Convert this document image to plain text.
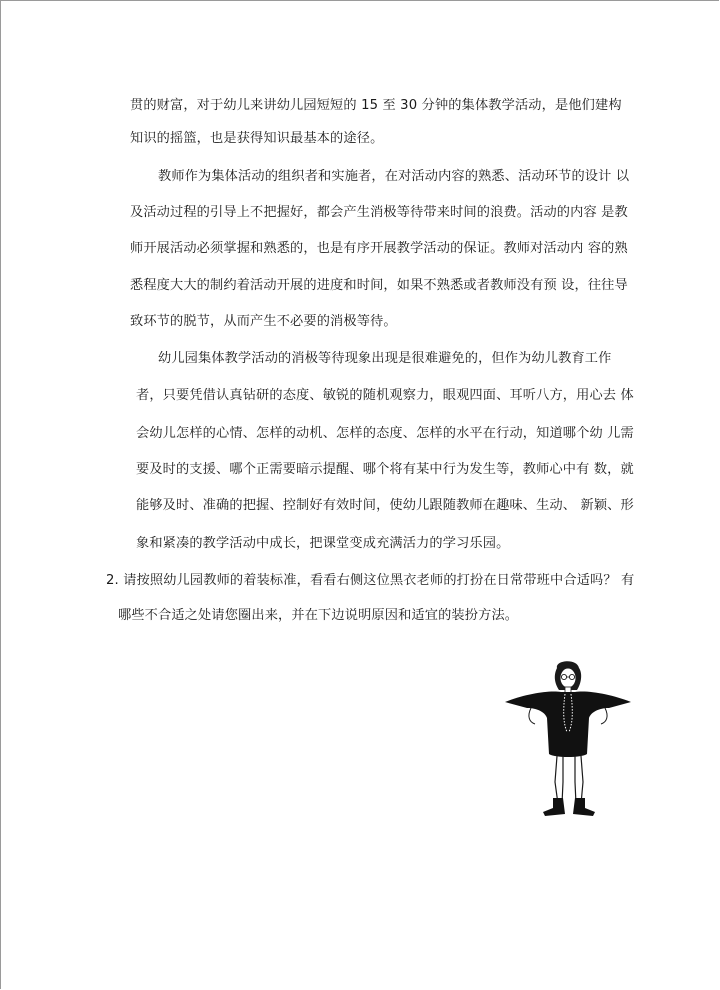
贯的财富，对于幼儿来讲幼儿园短短的 15 至 30 分钟的集体教学活动，是他们建构
知识的摇篮，也是获得知识最基本的途径。
教师作为集体活动的组织者和实施者，在对活动内容的熟悉、活动环节的设计 以
及活动过程的引导上不把握好，都会产生消极等待带来时间的浪费。活动的内容 是教
师开展活动必须掌握和熟悉的，也是有序开展教学活动的保证。教师对活动内 容的熟
悉程度大大的制约着活动开展的进度和时间，如果不熟悉或者教师没有预 设，往往导
致环节的脱节，从而产生不必要的消极等待。
幼儿园集体教学活动的消极等待现象出现是很难避免的，但作为幼儿教育工作
者，只要凭借认真钻研的态度、敏锐的随机观察力，眼观四面、耳听八方，用心去 体
会幼儿怎样的心情、怎样的动机、怎样的态度、怎样的水平在行动，知道哪个幼 儿需
要及时的支援、哪个正需要暗示提醒、哪个将有某中行为发生等，教师心中有 数，就
能够及时、准确的把握、控制好有效时间，使幼儿跟随教师在趣味、生动、 新颖、形
象和紧凑的教学活动中成长，把课堂变成充满活力的学习乐园。
2. 请按照幼儿园教师的着装标准，看看右侧这位黑衣老师的打扮在日常带班中合适吗？ 有
哪些不合适之处请您圈出来，并在下边说明原因和适宜的装扮方法。
